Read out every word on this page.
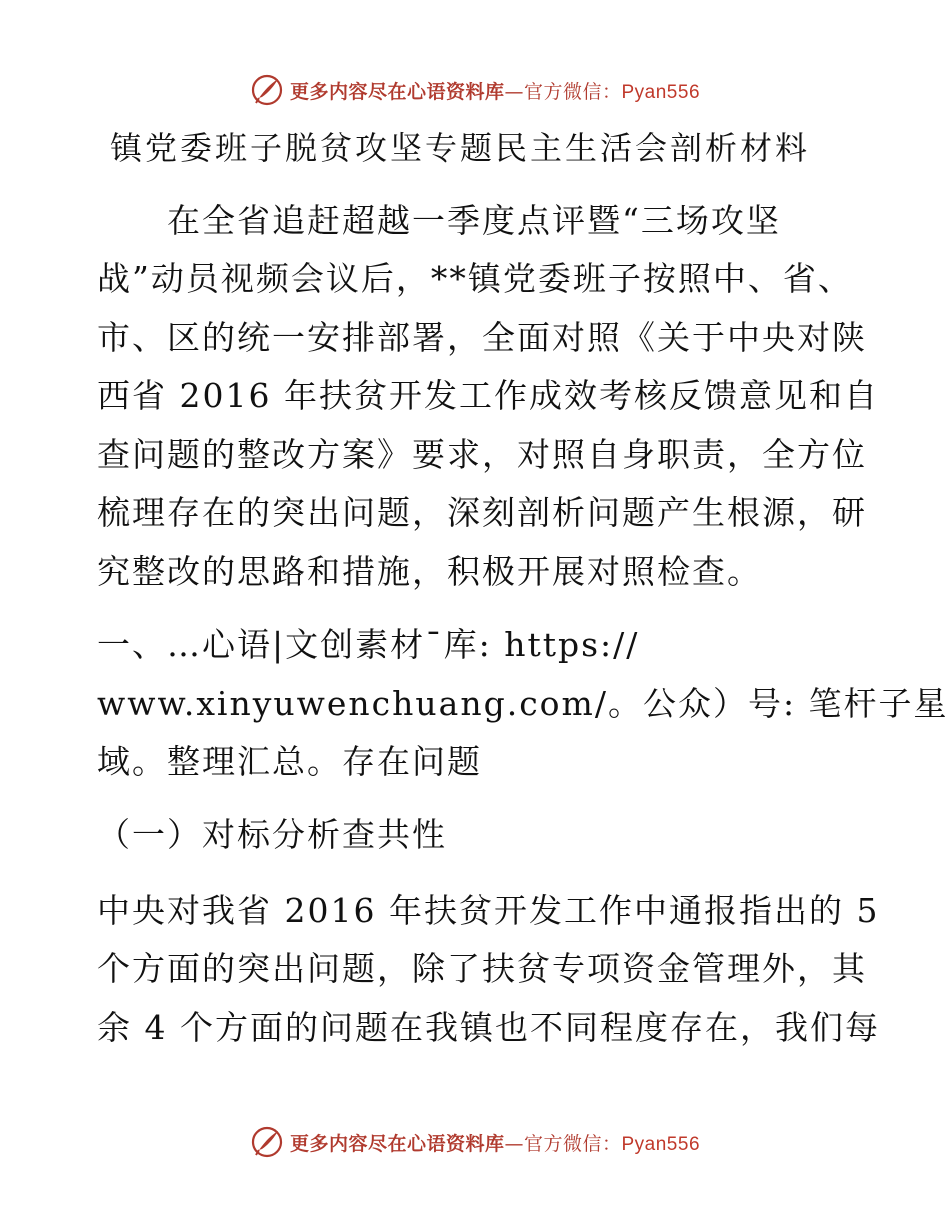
更多内容尽在心语资料库—官方微信：Pyan556
镇党委班子脱贫攻坚专题民主生活会剖析材料
　　在全省追赶超越一季度点评暨“三场攻坚
战”动员视频会议后，**镇党委班子按照中、省、
市、区的统一安排部署，全面对照《关于中央对陕
西省 2016 年扶贫开发工作成效考核反馈意见和自
查问题的整改方案》要求，对照自身职责，全方位
梳理存在的突出问题，深刻剖析问题产生根源，研
究整改的思路和措施，积极开展对照检查。
一、…心语|文创素材¯库: https://
www.xinyuwenchuang.com/。公众）号: 笔杆子星
域。整理汇总。存在问题
（一）对标分析查共性
中央对我省 2016 年扶贫开发工作中通报指出的 5
个方面的突出问题，除了扶贫专项资金管理外，其
余 4 个方面的问题在我镇也不同程度存在，我们每
更多内容尽在心语资料库—官方微信：Pyan556
